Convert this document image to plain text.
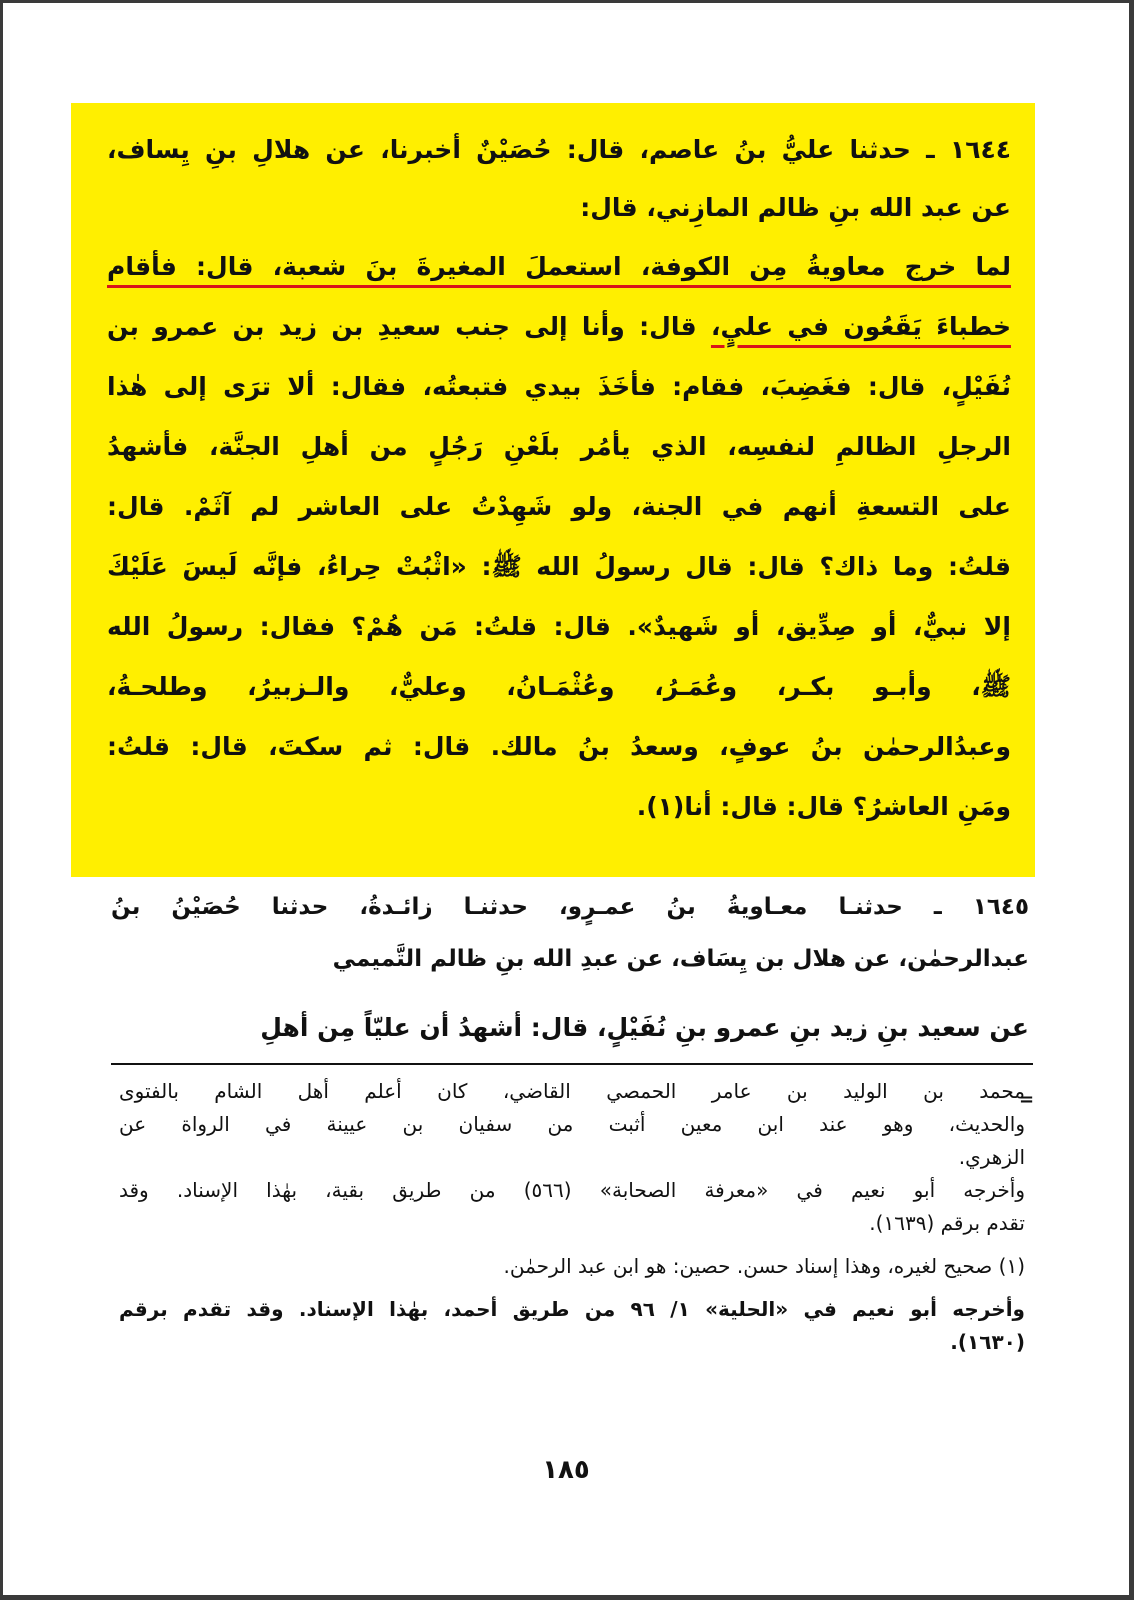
١٦٤٤ ـ حدثنا عليُّ بنُ عاصم، قال: حُصَيْنٌ أخبرنا، عن هلالِ بنِ يِساف،
عن عبد الله بنِ ظالم المازِني، قال:
لما خرج معاويةُ مِن الكوفة، استعملَ المغيرةَ بنَ شعبة، قال: فأقام
خطباءَ يَقَعُون في عليٍ، قال: وأنا إلى جنب سعيدِ بن زيد بن عمرو بن
نُفَيْلٍ، قال: فغَضِبَ، فقام: فأخَذَ بيدي فتبعتُه، فقال: ألا ترَى إلى هٰذا
الرجلِ الظالمِ لنفسِه، الذي يأمُر بلَعْنِ رَجُلٍ من أهلِ الجنَّة، فأشهدُ
على التسعةِ أنهم في الجنة، ولو شَهِدْتُ على العاشر لم آثَمْ. قال:
قلتُ: وما ذاك؟ قال: قال رسولُ الله ﷺ: «اثْبُتْ حِراءُ، فإنَّه لَيسَ عَلَيْكَ
إلا نبيٌّ، أو صِدِّيق، أو شَهيدٌ». قال: قلتُ: مَن هُمْ؟ فقال: رسولُ الله
ﷺ، وأبـو بكـر، وعُمَـرُ، وعُثْمَـانُ، وعليٌّ، والـزبيرُ، وطلحـةُ،
وعبدُالرحمٰن بنُ عوفٍ، وسعدُ بنُ مالك. قال: ثم سكتَ، قال: قلتُ:
ومَنِ العاشرُ؟ قال: قال: أنا(١).
١٦٤٥ ـ حدثنـا معـاويةُ بنُ عمـرٍو، حدثنـا زائـدةُ، حدثنا حُصَيْنُ بنُ
عبدالرحمٰن، عن هلال بن يِسَاف، عن عبدِ الله بنِ ظالم التَّميمي
عن سعيد بنِ زيد بنِ عمرو بنِ نُفَيْلٍ، قال: أشهدُ أن عليّاً مِن أهلِ
=
محمد بن الوليد بن عامر الحمصي القاضي، كان أعلم أهل الشام بالفتوى
والحديث، وهو عند ابن معين أثبت من سفيان بن عيينة في الرواة عن
الزهري.
وأخرجه أبو نعيم في «معرفة الصحابة» (٥٦٦) من طريق بقية، بهٰذا الإسناد. وقد
تقدم برقم (١٦٣٩).
(١) صحيح لغيره، وهذا إسناد حسن. حصين: هو ابن عبد الرحمٰن.
وأخرجه أبو نعيم في «الحلية» ١/ ٩٦ من طريق أحمد، بهٰذا الإسناد. وقد تقدم برقم
(١٦٣٠).
١٨٥
